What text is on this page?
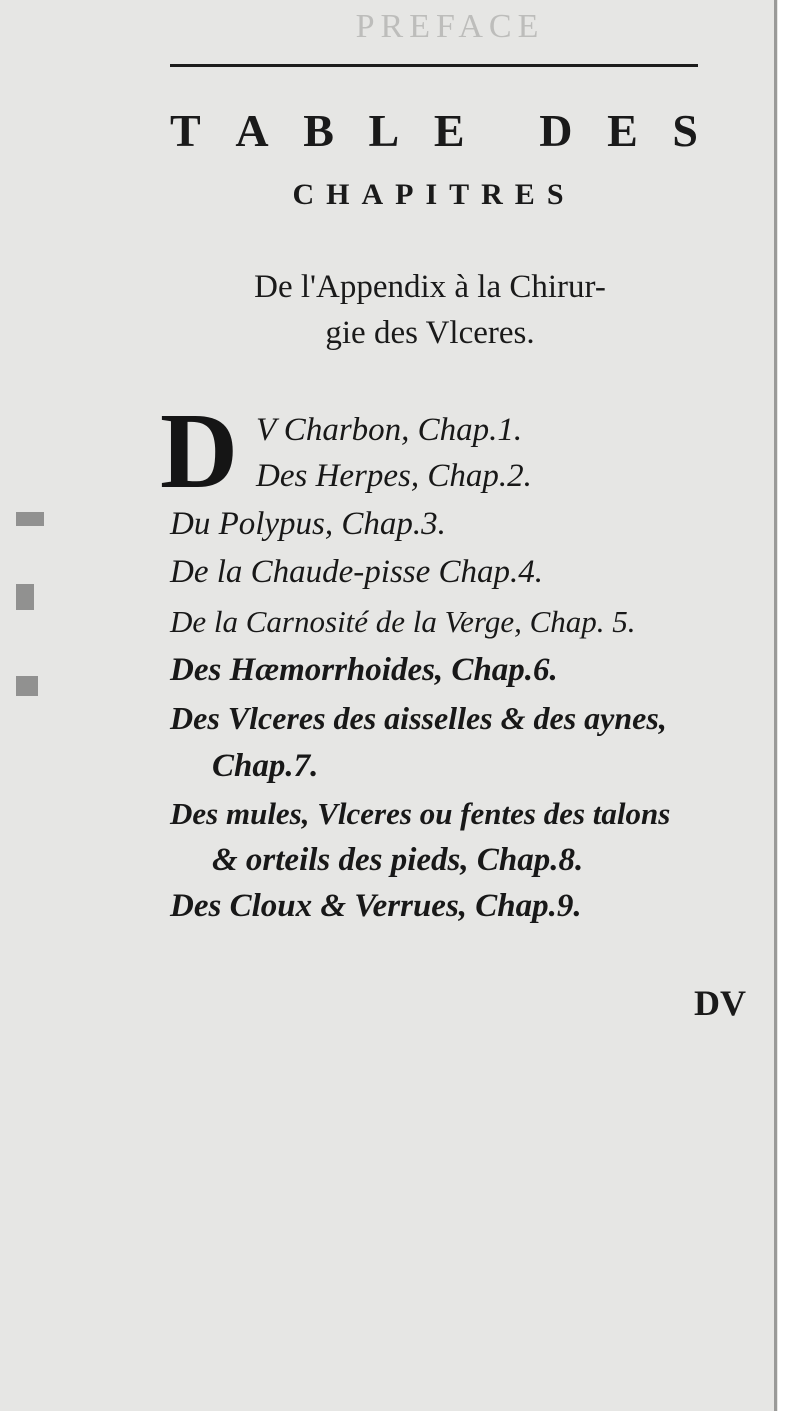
PREFACE
T A B L E D E S
CHAPITRES
De l'Appendix à la Chirur-
gie des Vlceres.
D V Charbon, Chap.1.
Des Herpes, Chap.2.
Du Polypus, Chap.3.
De la Chaude-pisse Chap.4.
De la Carnosité de la Verge, Chap. 5.
Des Hæmorrhoides, Chap.6.
Des Vlceres des aisselles & des aynes,
Chap.7.
Des mules, Vlceres ou fentes des talons
& orteils des pieds, Chap.8.
Des Cloux & Verrues, Chap.9.
DV
